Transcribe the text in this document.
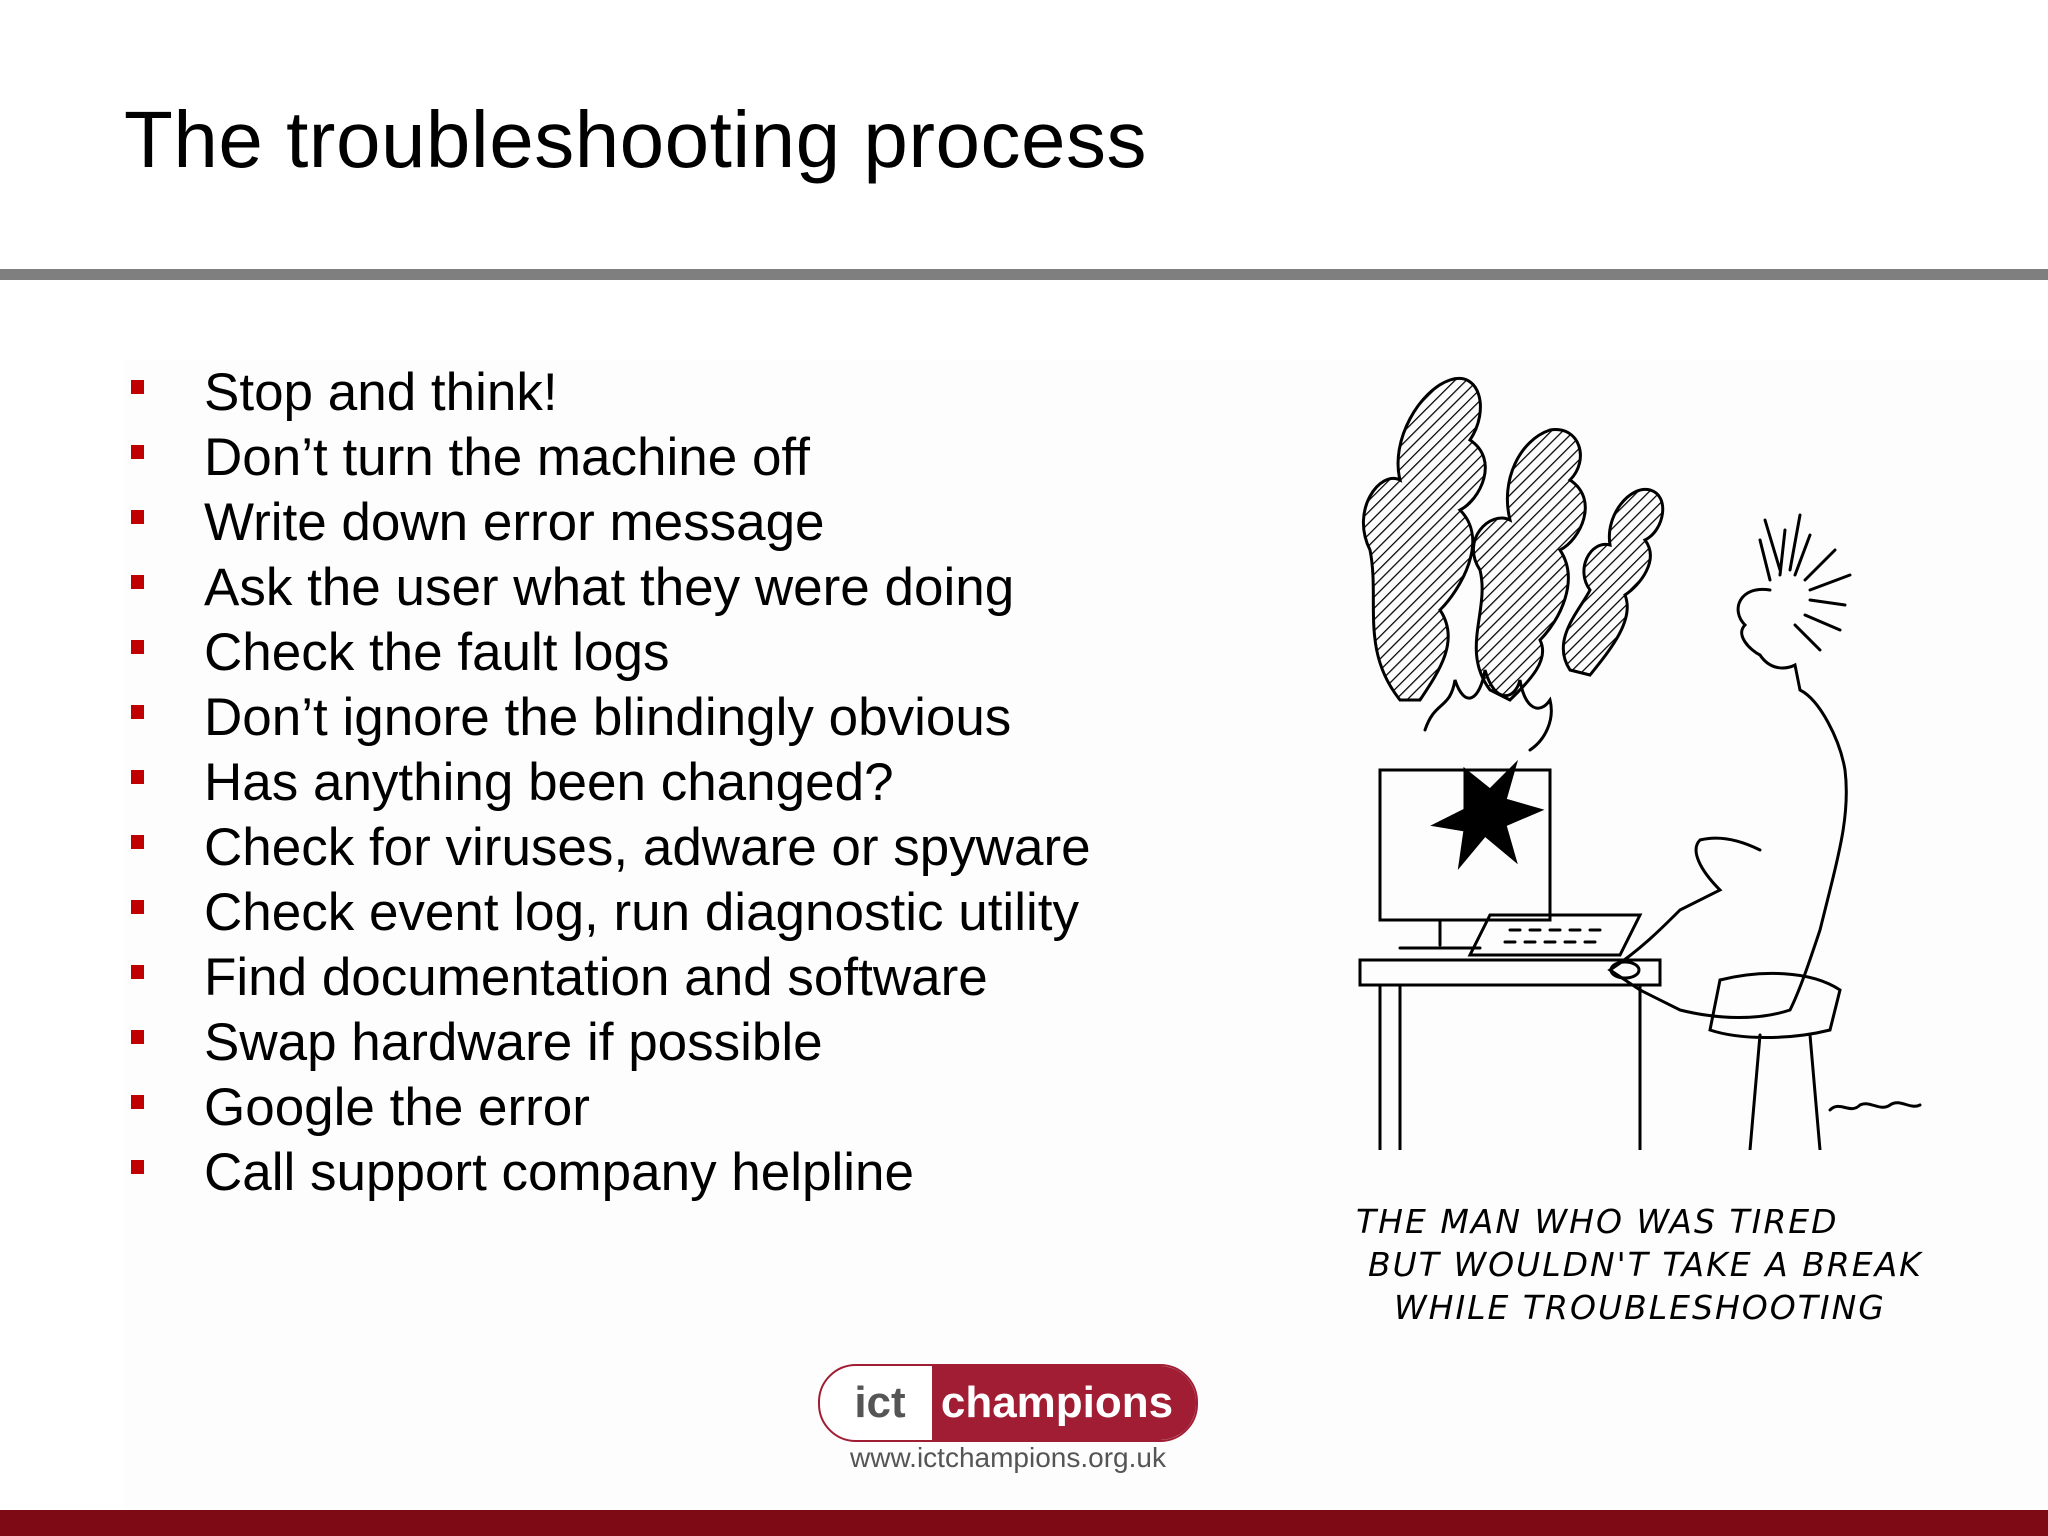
The troubleshooting process
Stop and think!
Don’t turn the machine off
Write down error message
Ask the user what they were doing
Check the fault logs
Don’t ignore the blindingly obvious
Has anything been changed?
Check for viruses, adware or spyware
Check event log, run diagnostic utility
Find documentation and software
Swap hardware if possible
Google the error
Call support company helpline
THE MAN WHO WAS TIRED
BUT WOULDN'T TAKE A BREAK
WHILE TROUBLESHOOTING
ict champions
www.ictchampions.org.uk
